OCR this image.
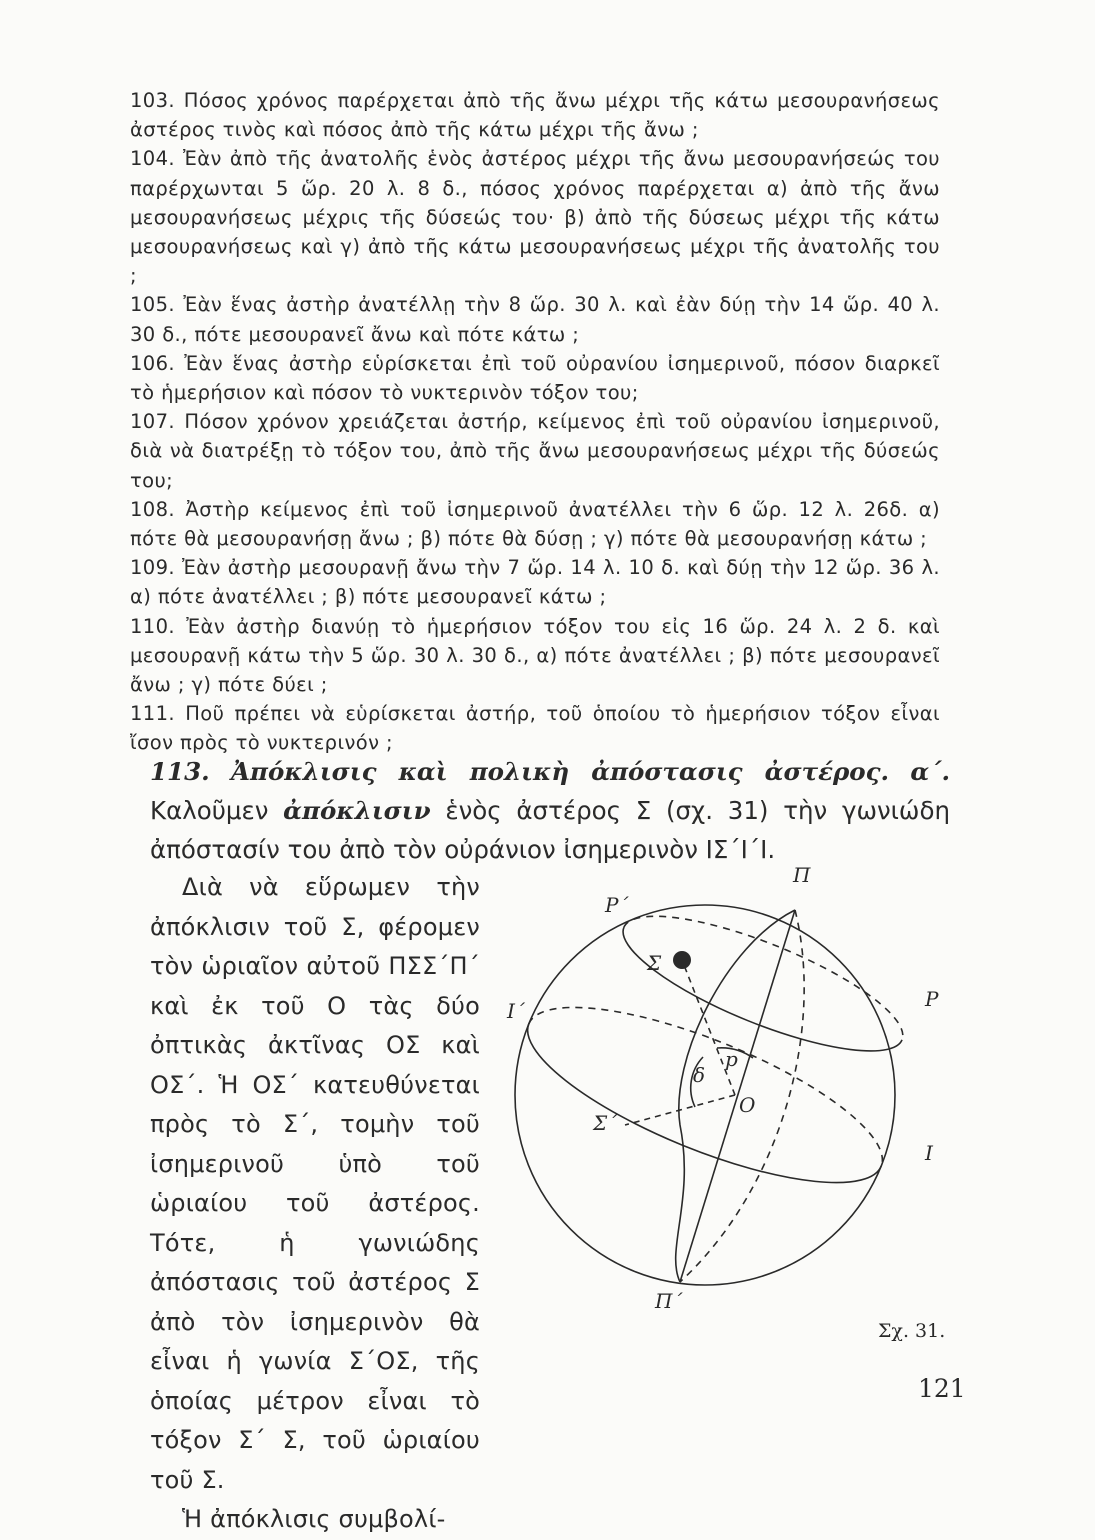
103. Πόσος χρόνος παρέρχεται ἀπὸ τῆς ἄνω μέχρι τῆς κάτω μεσουρανήσεως ἀστέρος τινὸς καὶ πόσος ἀπὸ τῆς κάτω μέχρι τῆς ἄνω ;

104. Ἐὰν ἀπὸ τῆς ἀνατολῆς ἑνὸς ἀστέρος μέχρι τῆς ἄνω μεσουρανήσεώς του παρέρχωνται 5 ὥρ. 20 λ. 8 δ., πόσος χρόνος παρέρχεται α) ἀπὸ τῆς ἄνω μεσουρανήσεως μέχρις τῆς δύσεώς του· β) ἀπὸ τῆς δύσεως μέχρι τῆς κάτω μεσουρανήσεως καὶ γ) ἀπὸ τῆς κάτω μεσουρανήσεως μέχρι τῆς ἀνατολῆς του ;

105. Ἐὰν ἕνας ἀστὴρ ἀνατέλλῃ τὴν 8 ὥρ. 30 λ. καὶ ἐὰν δύῃ τὴν 14 ὥρ. 40 λ. 30 δ., πότε μεσουρανεῖ ἄνω καὶ πότε κάτω ;

106. Ἐὰν ἕνας ἀστὴρ εὑρίσκεται ἐπὶ τοῦ οὐρανίου ἰσημερινοῦ, πόσον διαρκεῖ τὸ ἡμερήσιον καὶ πόσον τὸ νυκτερινὸν τόξον του;

107. Πόσον χρόνον χρειάζεται ἀστήρ, κείμενος ἐπὶ τοῦ οὐρανίου ἰσημερινοῦ, διὰ νὰ διατρέξῃ τὸ τόξον του, ἀπὸ τῆς ἄνω μεσουρανήσεως μέχρι τῆς δύσεώς του;

108. Ἀστὴρ κείμενος ἐπὶ τοῦ ἰσημερινοῦ ἀνατέλλει τὴν 6 ὥρ. 12 λ. 26δ. α) πότε θὰ μεσουρανήσῃ ἄνω ; β) πότε θὰ δύσῃ ; γ) πότε θὰ μεσουρανήσῃ κάτω ;

109. Ἐὰν ἀστὴρ μεσουρανῇ ἄνω τὴν 7 ὥρ. 14 λ. 10 δ. καὶ δύῃ τὴν 12 ὥρ. 36 λ. α) πότε ἀνατέλλει ; β) πότε μεσουρανεῖ κάτω ;

110. Ἐὰν ἀστὴρ διανύῃ τὸ ἡμερήσιον τόξον του εἰς 16 ὥρ. 24 λ. 2 δ. καὶ μεσουρανῇ κάτω τὴν 5 ὥρ. 30 λ. 30 δ., α) πότε ἀνατέλλει ; β) πότε μεσουρανεῖ ἄνω ; γ) πότε δύει ;

111. Ποῦ πρέπει νὰ εὑρίσκεται ἀστήρ, τοῦ ὁποίου τὸ ἡμερήσιον τόξον εἶναι ἴσον πρὸς τὸ νυκτερινόν ;

113. Ἀπόκλισις καὶ πολικὴ ἀπόστασις ἀστέρος. α΄. Καλοῦμεν ἀπόκλισιν ἑνὸς ἀστέρος Σ (σχ. 31) τὴν γωνιώδη ἀπόστασίν του ἀπὸ τὸν οὐράνιον ἰσημερινὸν ΙΣ΄Ι΄Ι.

Διὰ νὰ εὕρωμεν τὴν ἀπόκλισιν τοῦ Σ, φέρομεν τὸν ὡριαῖον αὐτοῦ ΠΣΣ΄Π΄ καὶ ἐκ τοῦ Ο τὰς δύο ὀπτικὰς ἀκτῖνας ΟΣ καὶ ΟΣ΄. Ἡ ΟΣ΄ κατευθύνεται πρὸς τὸ Σ΄, τομὴν τοῦ ἰσημερινοῦ ὑπὸ τοῦ ὡριαίου τοῦ ἀστέρος. Τότε, ἡ γωνιώδης ἀπόστασις τοῦ ἀστέρος Σ ἀπὸ τὸν ἰσημερινὸν θὰ εἶναι ἡ γωνία Σ΄ΟΣ, τῆς ὁποίας μέτρον εἶναι τὸ τόξον Σ΄ Σ, τοῦ ὡριαίου τοῦ Σ.

Ἡ ἀπόκλισις συμβολί-

Π
Ρ΄
Σ
Ρ
Ι΄
δ
p
Ο
Σ΄
Ι
Π΄
Σχ. 31.
121
